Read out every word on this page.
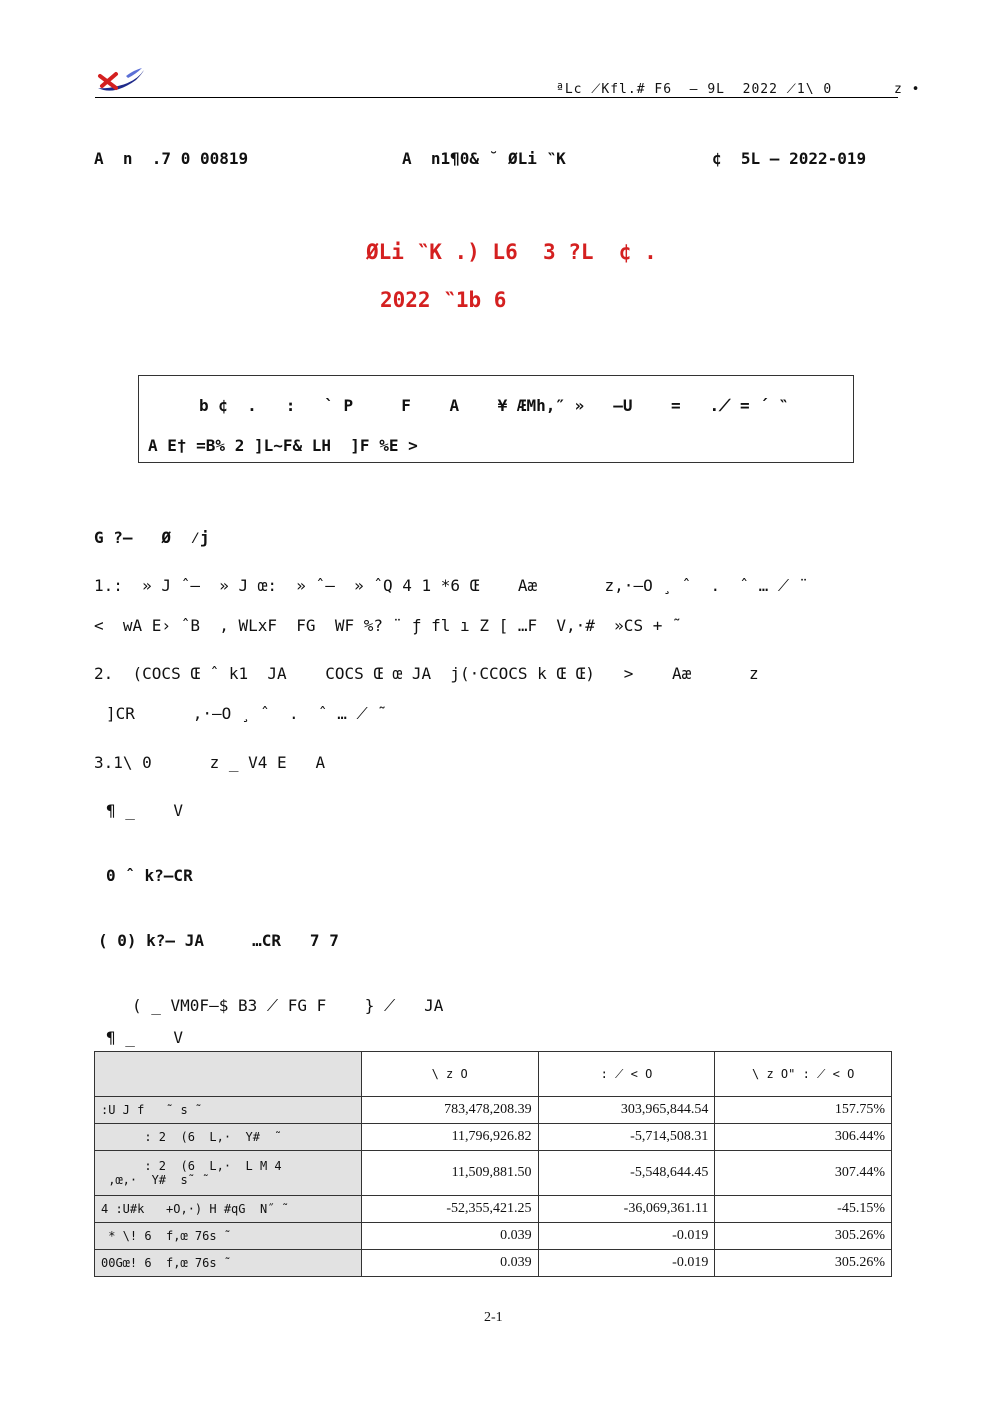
ªLc ⟋Kfl.# F6  – 9L  2022 ⟋1\ 0       z •
A  n  .7 0 00819	A  n1¶0& ˘ ØLi ‶K	¢  5L – 2022-019
ØLi ‶K .) L6  3 ?L  ¢ .
2022 ‶1b 6
b ¢  .   :   ` P     F    A    ¥ ÆMh,″ »   –U    =   .⟋ = ´ ‶
A E† =B% 2 ]L~F& LH  ]F %E >
G ?–   Ø  ⁄j
1.:  » J ˆ–  » J œ:  » ˆ–  » ˆQ 4 1 *6 Œ    Aæ       z,·–O ¸ ˆ  .  ˆ … ⟋ ¨
<  wA E› ˆB  , WLxF  FG  WF %? ¨ ƒ fl ı Z [ …F  V,·#  »CS + ˜
2.  (COCS Œ ˆ k1  JA    COCS Œ œ JA  j(·CCOCS k Œ Œ)   >    Aæ      z
]CR      ,·–O ¸ ˆ  .  ˆ … ⟋ ˜
3.1\ 0      z _ V4 E   A
¶ _    V
0 ˆ k?–CR
( 0) k?– JA     …CR   7 7
( _ VM0F–$ B3 ⟋ FG F    } ⟋   JA
¶ _    V
	\ z O	: ⟋ < O	\ z O" : ⟋ < O
:U J f   ˜ s ˜	783,478,208.39	303,965,844.54	157.75%
: 2  (6  L,·  Y#  ˜	11,796,926.82	-5,714,508.31	306.44%
: 2  (6  L,·  L M 4
,œ,·  Y#  s˜ ˜	11,509,881.50	-5,548,644.45	307.44%
4 :U#k   +O,·) H #qG  N˝ ˜	-52,355,421.25	-36,069,361.11	-45.15%
* \! 6  f,œ 76s ˜	0.039	-0.019	305.26%
00Gœ! 6  f,œ 76s ˜	0.039	-0.019	305.26%
2-1
